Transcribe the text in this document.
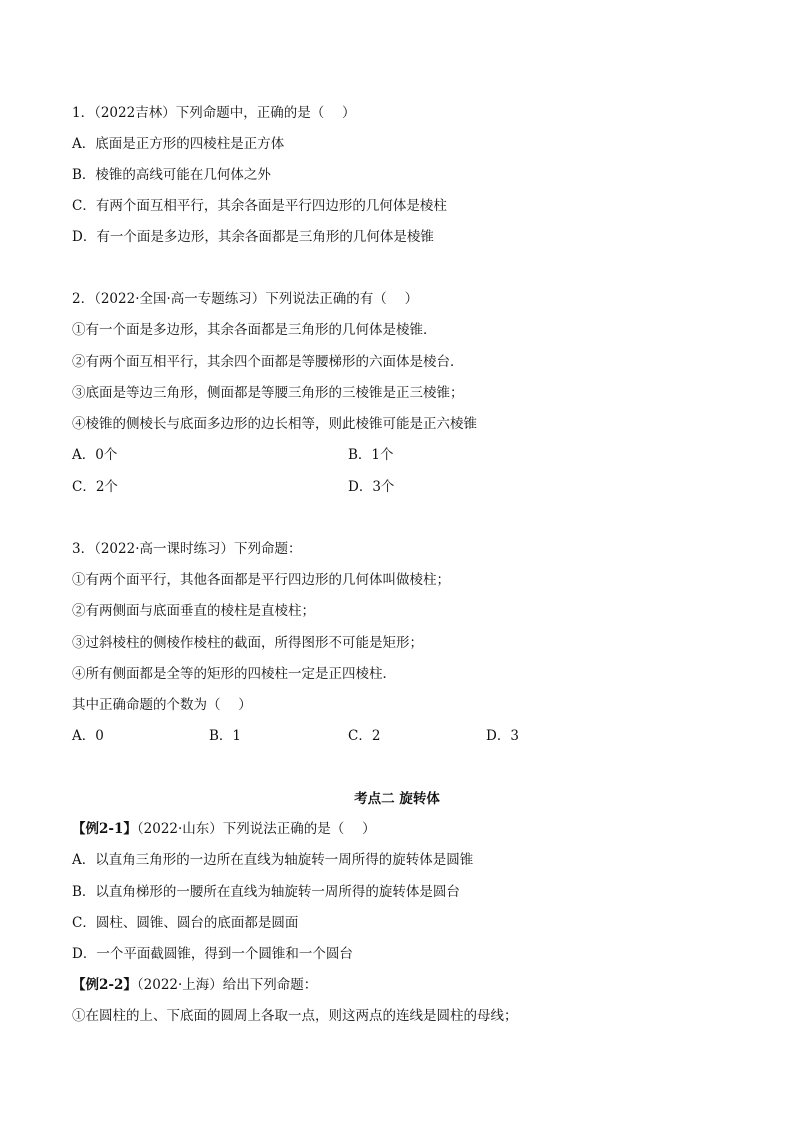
1．（2022吉林）下列命题中，正确的是（　 ）
A．底面是正方形的四棱柱是正方体
B．棱锥的高线可能在几何体之外
C．有两个面互相平行，其余各面是平行四边形的几何体是棱柱
D．有一个面是多边形，其余各面都是三角形的几何体是棱锥
2．（2022·全国·高一专题练习）下列说法正确的有（　 ）
①有一个面是多边形，其余各面都是三角形的几何体是棱锥．
②有两个面互相平行，其余四个面都是等腰梯形的六面体是棱台．
③底面是等边三角形，侧面都是等腰三角形的三棱锥是正三棱锥；
④棱锥的侧棱长与底面多边形的边长相等，则此棱锥可能是正六棱锥
A．0个	B．1个
C．2个	D．3个
3．（2022·高一课时练习）下列命题：
①有两个面平行，其他各面都是平行四边形的几何体叫做棱柱；
②有两侧面与底面垂直的棱柱是直棱柱；
③过斜棱柱的侧棱作棱柱的截面，所得图形不可能是矩形；
④所有侧面都是全等的矩形的四棱柱一定是正四棱柱．
其中正确命题的个数为（　 ）
A．0	B．1	C．2	D．3
考点二 旋转体
【例2-1】（2022·山东）下列说法正确的是（　 ）
A．以直角三角形的一边所在直线为轴旋转一周所得的旋转体是圆锥
B．以直角梯形的一腰所在直线为轴旋转一周所得的旋转体是圆台
C．圆柱、圆锥、圆台的底面都是圆面
D．一个平面截圆锥，得到一个圆锥和一个圆台
【例2-2】（2022·上海）给出下列命题：
①在圆柱的上、下底面的圆周上各取一点，则这两点的连线是圆柱的母线；
